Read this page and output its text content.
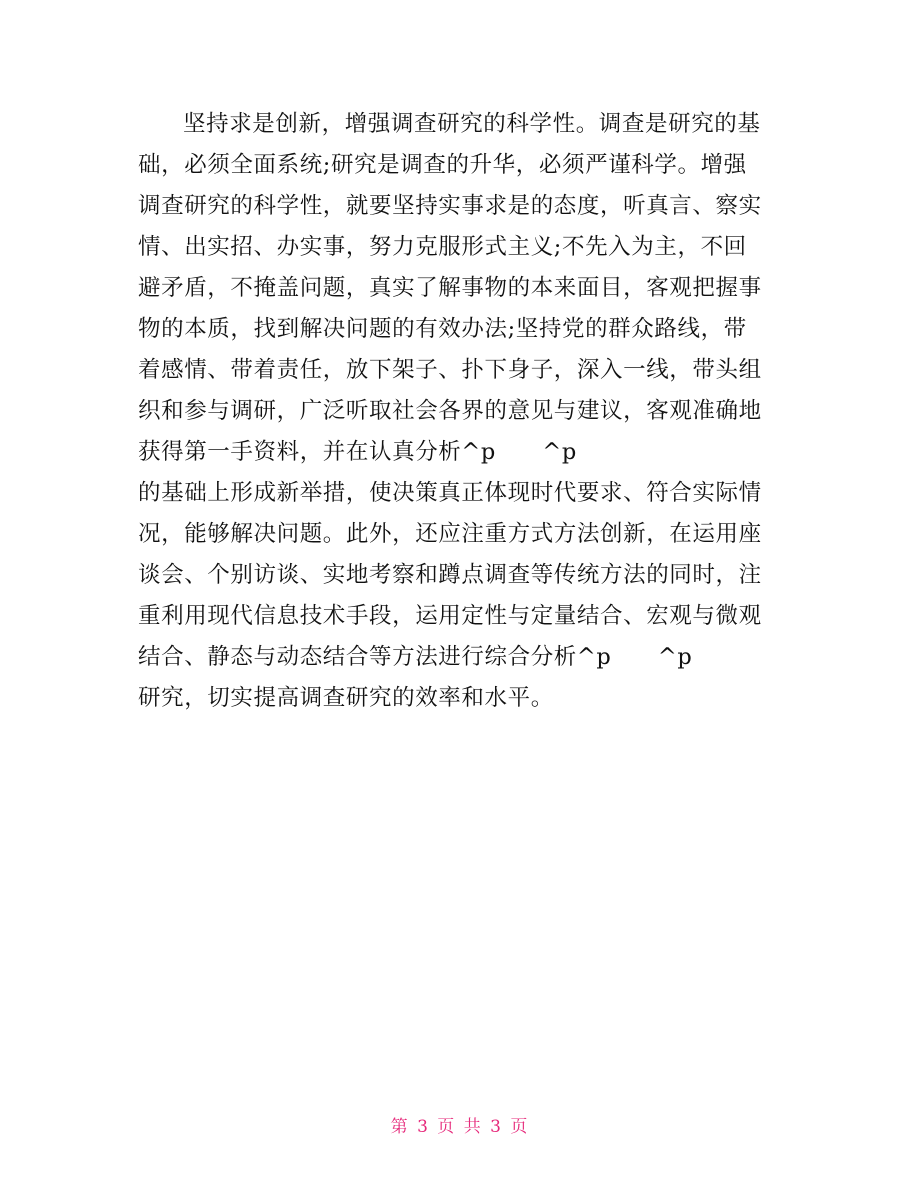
坚持求是创新，增强调查研究的科学性。调查是研究的基
础，必须全面系统;研究是调查的升华，必须严谨科学。增强
调查研究的科学性，就要坚持实事求是的态度，听真言、察实
情、出实招、办实事，努力克服形式主义;不先入为主，不回
避矛盾，不掩盖问题，真实了解事物的本来面目，客观把握事
物的本质，找到解决问题的有效办法;坚持党的群众路线，带
着感情、带着责任，放下架子、扑下身子，深入一线，带头组
织和参与调研，广泛听取社会各界的意见与建议，客观准确地
获得第一手资料，并在认真分析^p      ^p
的基础上形成新举措，使决策真正体现时代要求、符合实际情
况，能够解决问题。此外，还应注重方式方法创新，在运用座
谈会、个别访谈、实地考察和蹲点调查等传统方法的同时，注
重利用现代信息技术手段，运用定性与定量结合、宏观与微观
结合、静态与动态结合等方法进行综合分析^p      ^p
研究，切实提高调查研究的效率和水平。
第 3 页 共 3 页
